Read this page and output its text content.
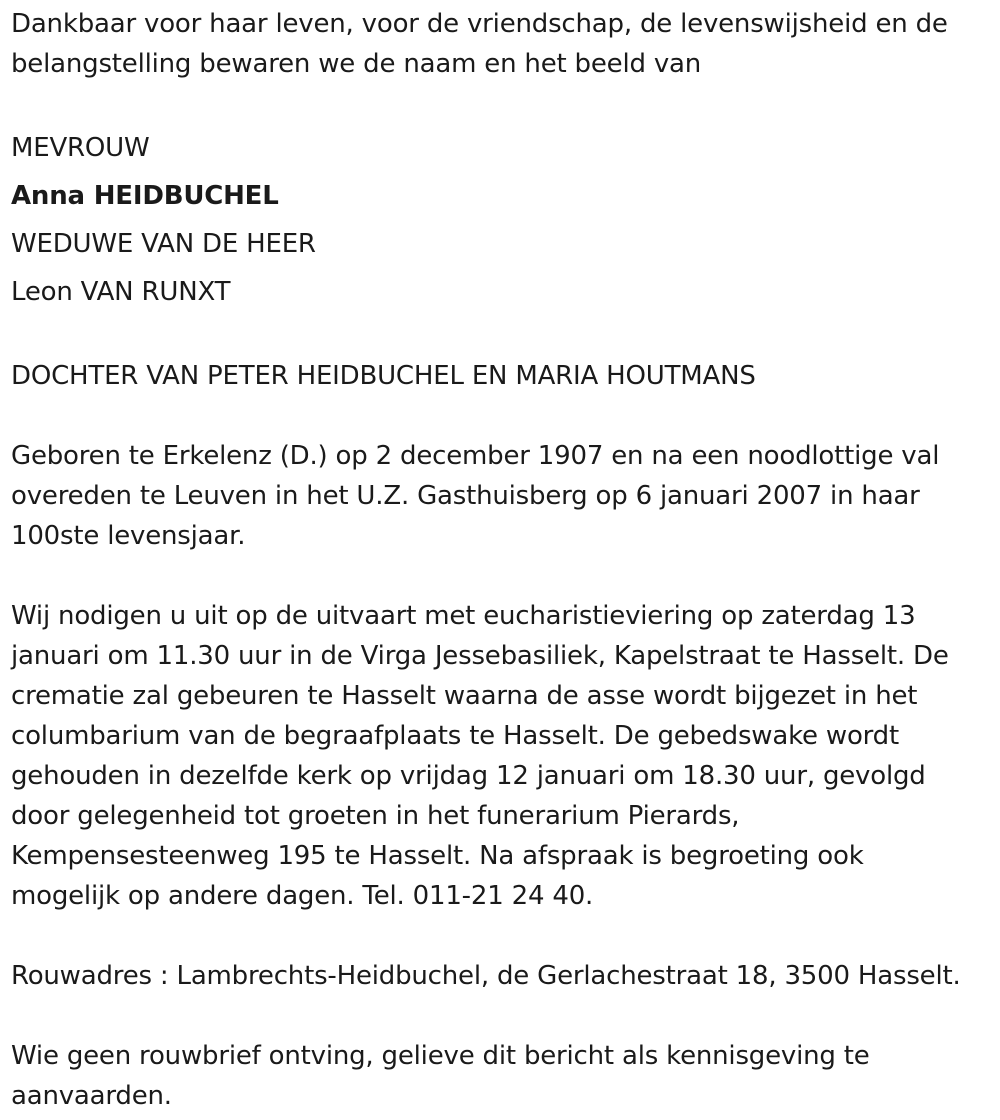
Dankbaar voor haar leven, voor de vriendschap, de levenswijsheid en de
belangstelling bewaren we de naam en het beeld van
MEVROUW
Anna HEIDBUCHEL
WEDUWE VAN DE HEER
Leon VAN RUNXT
DOCHTER VAN PETER HEIDBUCHEL EN MARIA HOUTMANS
Geboren te Erkelenz (D.) op 2 december 1907 en na een noodlottige val
overeden te Leuven in het U.Z. Gasthuisberg op 6 januari 2007 in haar
100ste levensjaar.
Wij nodigen u uit op de uitvaart met eucharistieviering op zaterdag 13
januari om 11.30 uur in de Virga Jessebasiliek, Kapelstraat te Hasselt. De
crematie zal gebeuren te Hasselt waarna de asse wordt bijgezet in het
columbarium van de begraafplaats te Hasselt. De gebedswake wordt
gehouden in dezelfde kerk op vrijdag 12 januari om 18.30 uur, gevolgd
door gelegenheid tot groeten in het funerarium Pierards,
Kempensesteenweg 195 te Hasselt. Na afspraak is begroeting ook
mogelijk op andere dagen. Tel. 011-21 24 40.
Rouwadres : Lambrechts-Heidbuchel, de Gerlachestraat 18, 3500 Hasselt.
Wie geen rouwbrief ontving, gelieve dit bericht als kennisgeving te
aanvaarden.
